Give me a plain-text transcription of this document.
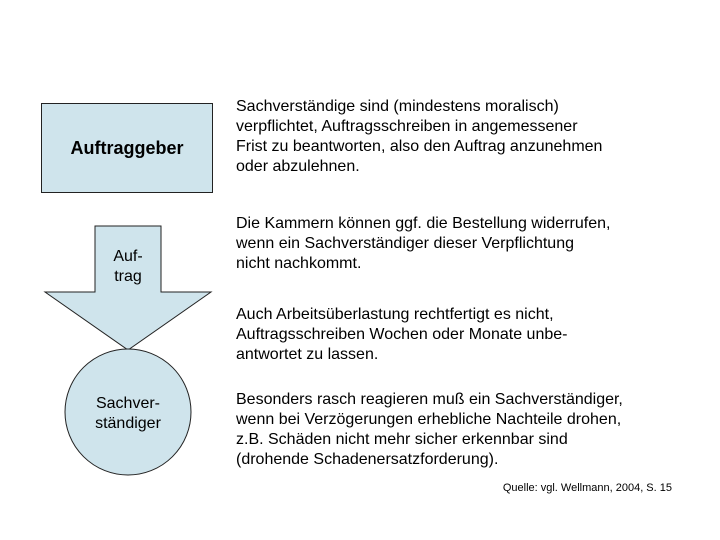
Auftraggeber
Auf-
trag
Sachver-
ständiger
Sachverständige sind (mindestens moralisch)
verpflichtet, Auftragsschreiben in angemessener
Frist zu beantworten, also den Auftrag anzunehmen
oder abzulehnen.
Die Kammern können ggf. die Bestellung widerrufen,
wenn ein Sachverständiger dieser Verpflichtung
nicht nachkommt.
Auch Arbeitsüberlastung rechtfertigt es nicht,
Auftragsschreiben Wochen oder Monate unbe-
antwortet zu lassen.
Besonders rasch reagieren muß ein Sachverständiger,
wenn bei Verzögerungen erhebliche Nachteile drohen,
z.B. Schäden nicht mehr sicher erkennbar sind
(drohende Schadenersatzforderung).
Quelle: vgl. Wellmann, 2004, S. 15
